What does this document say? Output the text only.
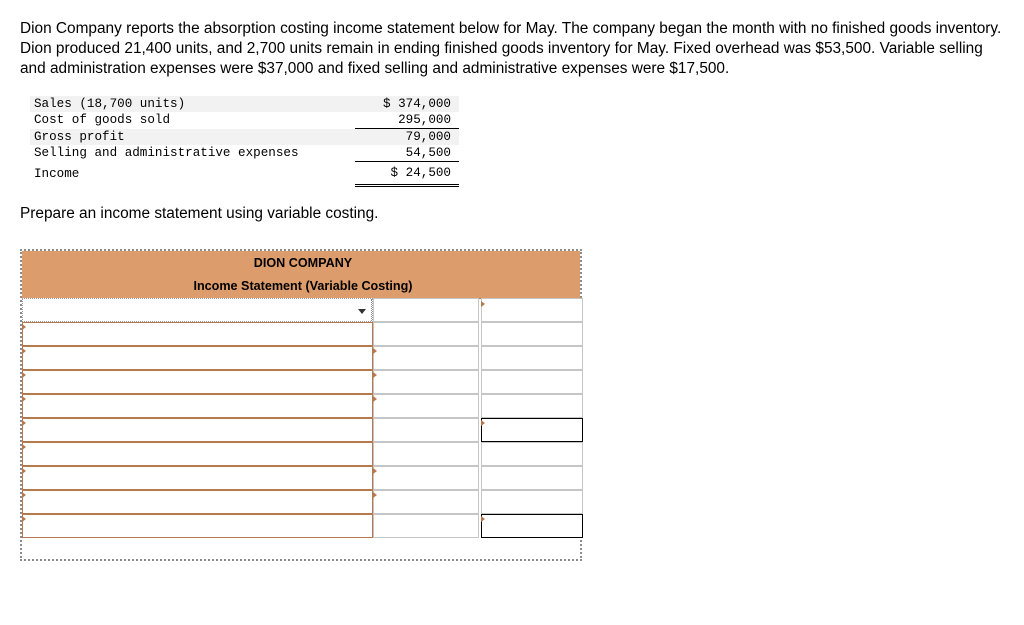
Dion Company reports the absorption costing income statement below for May. The company began the month with no finished goods inventory. Dion produced 21,400 units, and 2,700 units remain in ending finished goods inventory for May. Fixed overhead was $53,500. Variable selling and administration expenses were $37,000 and fixed selling and administrative expenses were $17,500.

Sales (18,700 units)	$ 374,000
Cost of goods sold	295,000
Gross profit	79,000
Selling and administrative expenses	54,500
Income	$ 24,500

Prepare an income statement using variable costing.

DION COMPANY
Income Statement (Variable Costing)
